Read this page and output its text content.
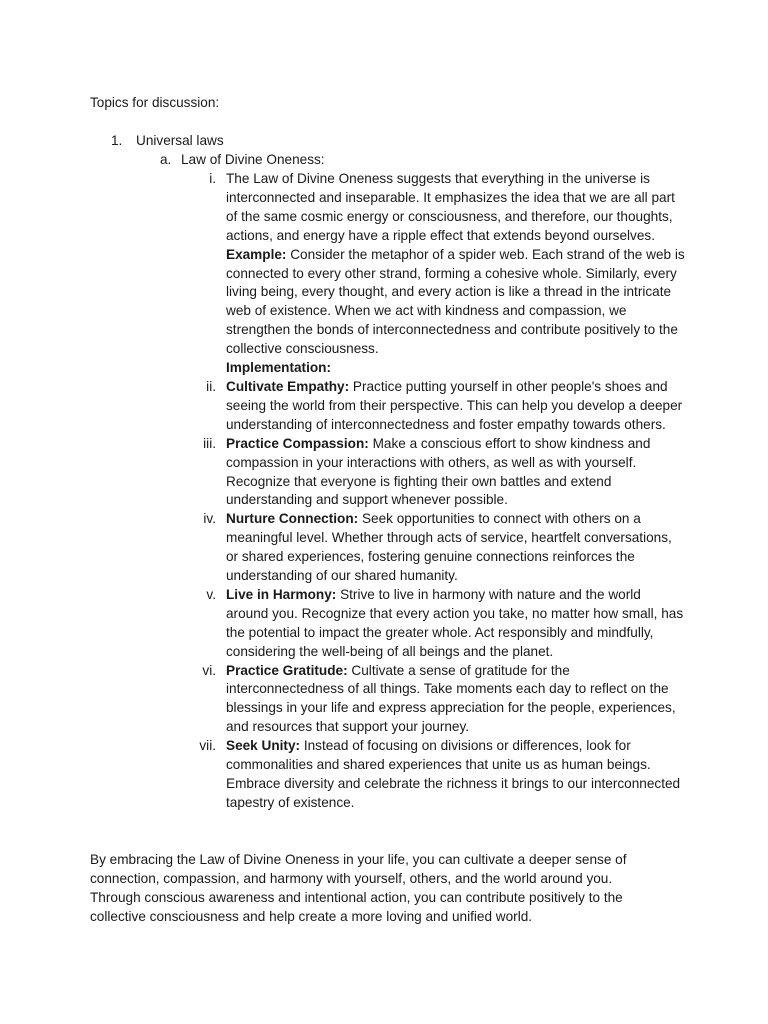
Topics for discussion:

1. Universal laws
a. Law of Divine Oneness:
i. The Law of Divine Oneness suggests that everything in the universe is interconnected and inseparable. It emphasizes the idea that we are all part of the same cosmic energy or consciousness, and therefore, our thoughts, actions, and energy have a ripple effect that extends beyond ourselves.

Example: Consider the metaphor of a spider web. Each strand of the web is connected to every other strand, forming a cohesive whole. Similarly, every living being, every thought, and every action is like a thread in the intricate web of existence. When we act with kindness and compassion, we strengthen the bonds of interconnectedness and contribute positively to the collective consciousness.

Implementation:

ii. Cultivate Empathy: Practice putting yourself in other people's shoes and seeing the world from their perspective. This can help you develop a deeper understanding of interconnectedness and foster empathy towards others.

iii. Practice Compassion: Make a conscious effort to show kindness and compassion in your interactions with others, as well as with yourself. Recognize that everyone is fighting their own battles and extend understanding and support whenever possible.

iv. Nurture Connection: Seek opportunities to connect with others on a meaningful level. Whether through acts of service, heartfelt conversations, or shared experiences, fostering genuine connections reinforces the understanding of our shared humanity.

v. Live in Harmony: Strive to live in harmony with nature and the world around you. Recognize that every action you take, no matter how small, has the potential to impact the greater whole. Act responsibly and mindfully, considering the well-being of all beings and the planet.

vi. Practice Gratitude: Cultivate a sense of gratitude for the interconnectedness of all things. Take moments each day to reflect on the blessings in your life and express appreciation for the people, experiences, and resources that support your journey.

vii. Seek Unity: Instead of focusing on divisions or differences, look for commonalities and shared experiences that unite us as human beings. Embrace diversity and celebrate the richness it brings to our interconnected tapestry of existence.

By embracing the Law of Divine Oneness in your life, you can cultivate a deeper sense of connection, compassion, and harmony with yourself, others, and the world around you. Through conscious awareness and intentional action, you can contribute positively to the collective consciousness and help create a more loving and unified world.
